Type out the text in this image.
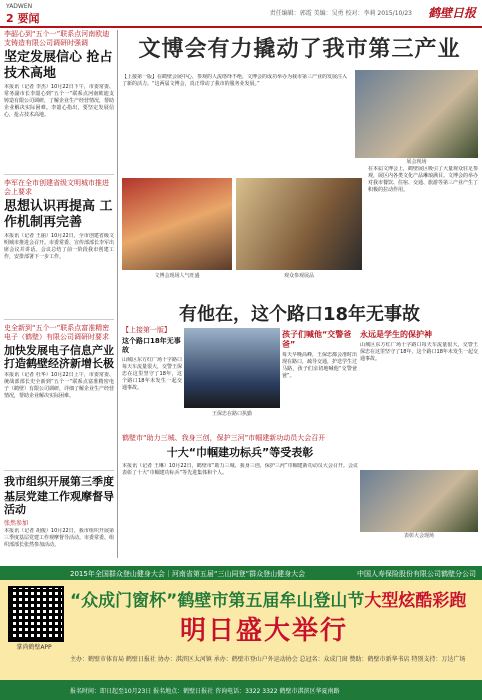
YADWEN
2 要闻	责任编辑：郭霞 美编：吴勇 校对：李莉 2015/10/23 鹤壁日报

李韶心到“五个一”联系点河南欧迪支铸造有限公司调研时强调

坚定发展信心 抢占技术高地
本报讯（记者 李杰）10月22日下午，市委常委、常务副市长李韶心到“五个一”联系点河南欧迪支铸造有限公司调研，了解企业生产经营情况，帮助企业解决实际困难。李韶心指出，要坚定发展信心，抢占技术高地。

李军在全市创建省级文明城市推进会上要求

思想认识再提高 工作机制再完善
本报讯（记者 王丽）10月22日，全市创建省级文明城市推进会召开。市委常委、宣传部部长李军出席会议并讲话。会议总结了前一阶段我市创建工作，安排部署下一步工作。

史全新到“五个一”联系点富准精密电子（鹤壁）有限公司调研时要求

加快发展电子信息产业 打造鹤壁经济新增长极
本报讯（记者 杜华）10月22日上午，市委常委、统战部部长史全新到“五个一”联系点富准精密电子（鹤壁）有限公司调研，详细了解企业生产经营情况，帮助企业解决实际困难。

我市组织开展第三季度

基层党建工作观摩督导活动
张然参加
本报讯（记者 胡俊）10月22日，我市组织开展第三季度基层党建工作观摩督导活动。市委常委、组织部部长张然参加活动。
文博会有力撬动了我市第三产业
【上接第一版】在鹤壁会展中心，参观的人流络绎不绝，文博会的成功举办为我市第三产业的发展注入了新的活力。“这两届文博会，真正带动了我市的服务业发展。”
展会现场
文博会现场人气旺盛	观众参观展品
在本届文博会上，鹤壁展区吸引了大量观众驻足参观，展区内各类文化产品琳琅满目。文博会的举办对我市餐饮、住宿、交通、旅游等第三产业产生了积极的拉动作用。
有他在，这个路口18年无事故
【上接第一版】
这个路口18年无事故
山城区东方红广场十字路口每天车流量很大，交警王保忠在这里坚守了18年，这个路口18年未发生一起交通事故。
王保忠在路口执勤
孩子们喊他“交警爸爸”
每天早晚高峰，王保忠都会准时出现在路口，疏导交通，护送学生过马路，孩子们亲切地喊他“交警爸爸”。
永远是学生的保护神
山城区东方红广场十字路口每天车流量很大，交警王保忠在这里坚守了18年，这个路口18年未发生一起交通事故。
鹤壁市“助力三城、我身三创，保护三河”市帼建新功动员大会召开
十大“巾帼建功标兵”等受表彰
本报讯（记者 王琳）10月22日，鹤壁市“助力三城、我身三创，保护三河”巾帼建新功动员大会召开。会议表彰了十大“巾帼建功标兵”等先进集体和个人。
表彰大会现场
2015年全国群众登山健身大会｜河南省第五届“三山同登”群众登山健身大会	中国人寿保险股份有限公司鹤壁分公司
掌尚鹤壁APP
“众成门窗杯”鹤壁市第五届牟山登山节大型炫酷彩跑
明日盛大举行
主办：鹤壁市体育局 鹤壁日报社 协办：淇滨区太河镇 承办：鹤壁市登山户外运动协会 总冠名：众成门窗 赞助：鹤壁市新华书店 特别支持：万达广场
报名时间：即日起至10月23日 报名地点：鹤壁日报社 咨询电话：3322 3322 鹤壁市淇滨区华夏南路
